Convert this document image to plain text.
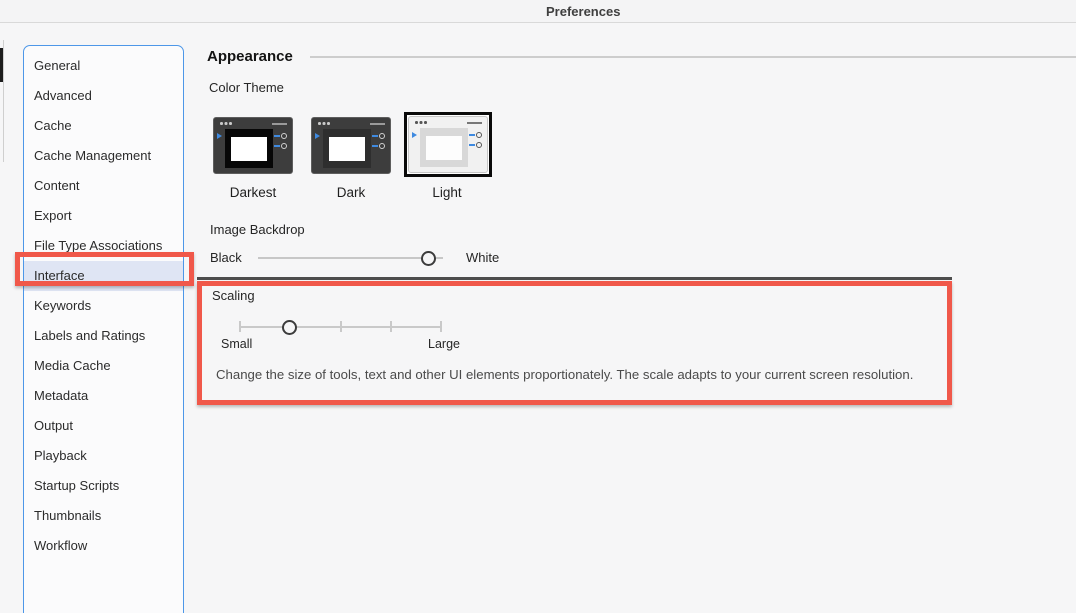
Preferences
General
Advanced
Cache
Cache Management
Content
Export
File Type Associations
Interface
Keywords
Labels and Ratings
Media Cache
Metadata
Output
Playback
Startup Scripts
Thumbnails
Workflow
Appearance
Color Theme
Darkest	Dark	Light
Image Backdrop
Black	White
Scaling
Small	Large
Change the size of tools, text and other UI elements proportionately. The scale adapts to your current screen resolution.
